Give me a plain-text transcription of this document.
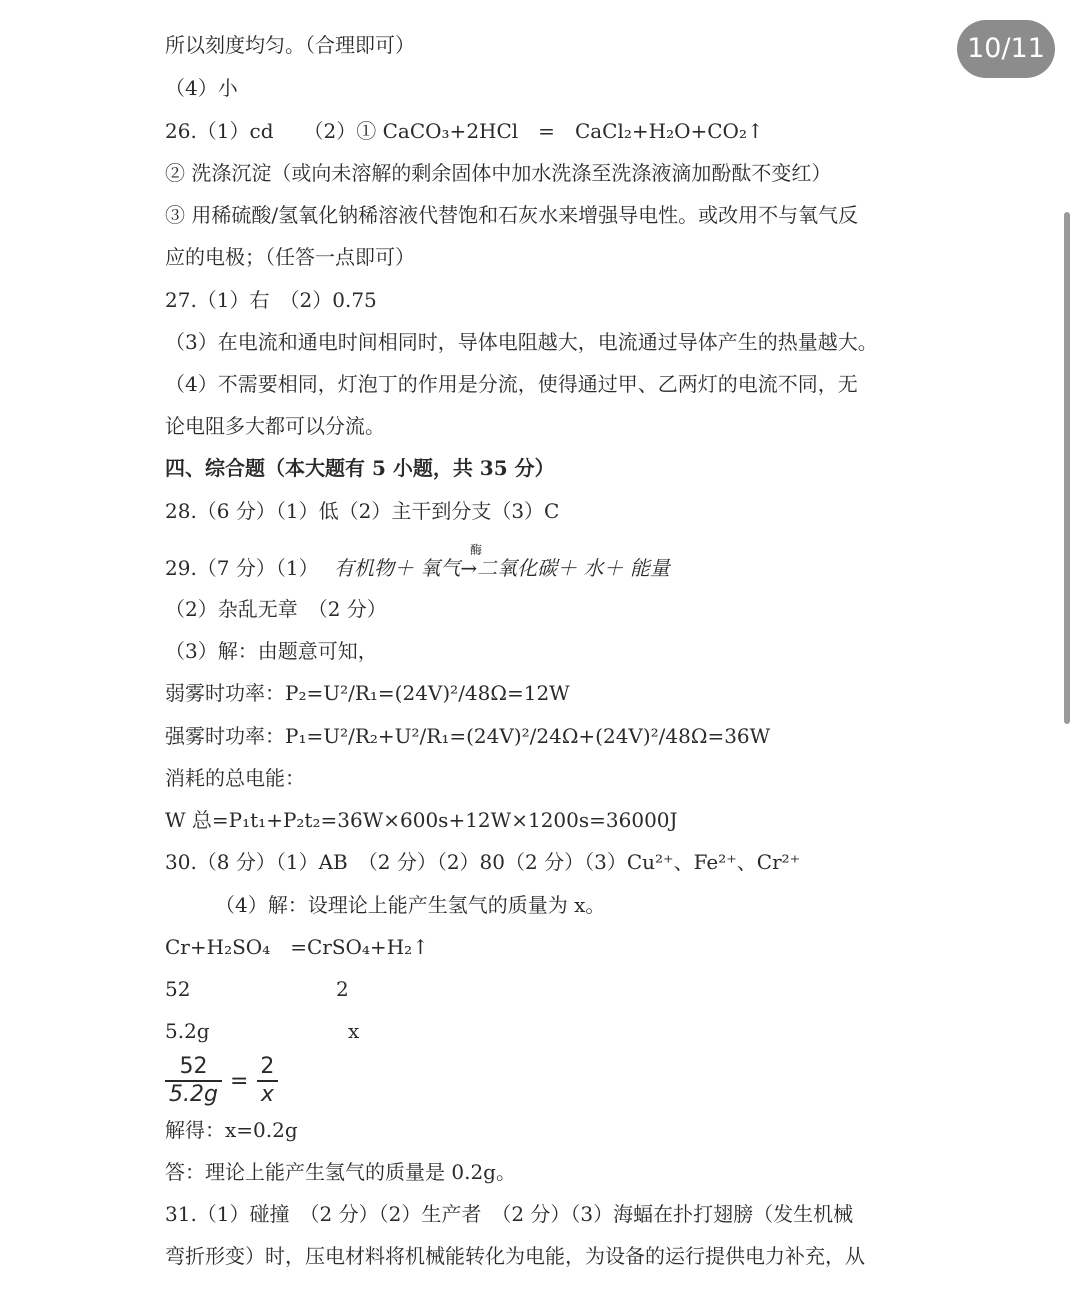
所以刻度均匀。（合理即可）
（4）小
26.（1）cd　　（2）① CaCO₃+2HCl　=　CaCl₂+H₂O+CO₂↑
② 洗涤沉淀（或向未溶解的剩余固体中加水洗涤至洗涤液滴加酚酞不变红）
③ 用稀硫酸/氢氧化钠稀溶液代替饱和石灰水来增强导电性。或改用不与氧气反
应的电极；（任答一点即可）
27.（1）右　（2）0.75
（3）在电流和通电时间相同时，导体电阻越大，电流通过导体产生的热量越大。
（4）不需要相同，灯泡丁的作用是分流，使得通过甲、乙两灯的电流不同，无
论电阻多大都可以分流。
四、综合题（本大题有 5 小题，共 35 分）
28.（6 分）（1）低（2）主干到分支（3）C
29.（7 分）（1） 有机物＋ 氧气→二氧化碳＋ 水＋ 能量
酶
（2）杂乱无章　（2 分）
（3）解：由题意可知，
弱雾时功率：P₂=U²/R₁=(24V)²/48Ω=12W
强雾时功率：P₁=U²/R₂+U²/R₁=(24V)²/24Ω+(24V)²/48Ω=36W
消耗的总电能：
W 总=P₁t₁+P₂t₂=36W×600s+12W×1200s=36000J
30.（8 分）（1）AB　（2 分）（2）80（2 分）（3）Cu²⁺、Fe²⁺、Cr²⁺
（4）解：设理论上能产生氢气的质量为 x。
Cr+H₂SO₄　=CrSO₄+H₂↑
52	2
5.2g	x
$\frac{52}{5.2g} = \frac{2}{x}$
解得：x=0.2g
答：理论上能产生氢气的质量是 0.2g。
31.（1）碰撞　（2 分）（2）生产者　（2 分）（3）海蝠在扑打翅膀（发生机械
弯折形变）时，压电材料将机械能转化为电能，为设备的运行提供电力补充，从
10/11
